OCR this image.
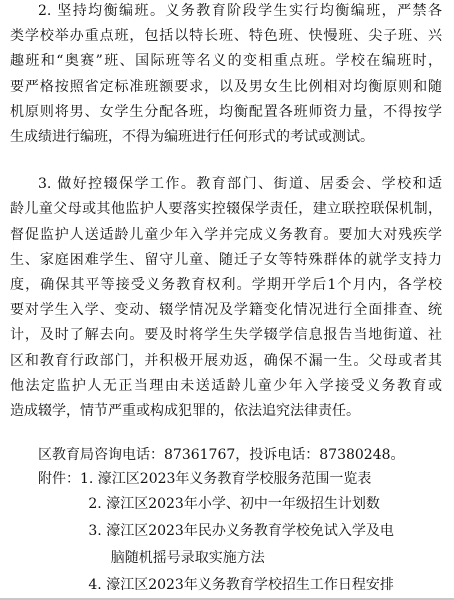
2. 坚持均衡编班。义务教育阶段学生实行均衡编班，严禁各
类学校举办重点班，包括以特长班、特色班、快慢班、尖子班、兴
趣班和“奥赛”班、国际班等名义的变相重点班。学校在编班时，
要严格按照省定标准班额要求，以及男女生比例相对均衡原则和随
机原则将男、女学生分配各班，均衡配置各班师资力量，不得按学
生成绩进行编班，不得为编班进行任何形式的考试或测试。
3. 做好控辍保学工作。教育部门、街道、居委会、学校和适
龄儿童父母或其他监护人要落实控辍保学责任，建立联控联保机制，
督促监护人送适龄儿童少年入学并完成义务教育。要加大对残疾学
生、家庭困难学生、留守儿童、随迁子女等特殊群体的就学支持力
度，确保其平等接受义务教育权利。学期开学后1个月内，各学校
要对学生入学、变动、辍学情况及学籍变化情况进行全面排查、统
计，及时了解去向。要及时将学生失学辍学信息报告当地街道、社
区和教育行政部门，并积极开展劝返，确保不漏一生。父母或者其
他法定监护人无正当理由未送适龄儿童少年入学接受义务教育或
造成辍学，情节严重或构成犯罪的，依法追究法律责任。
区教育局咨询电话：87361767，投诉电话：87380248。
附件：1. 濠江区2023年义务教育学校服务范围一览表
2. 濠江区2023年小学、初中一年级招生计划数
3. 濠江区2023年民办义务教育学校免试入学及电
脑随机摇号录取实施方法
4. 濠江区2023年义务教育学校招生工作日程安排
